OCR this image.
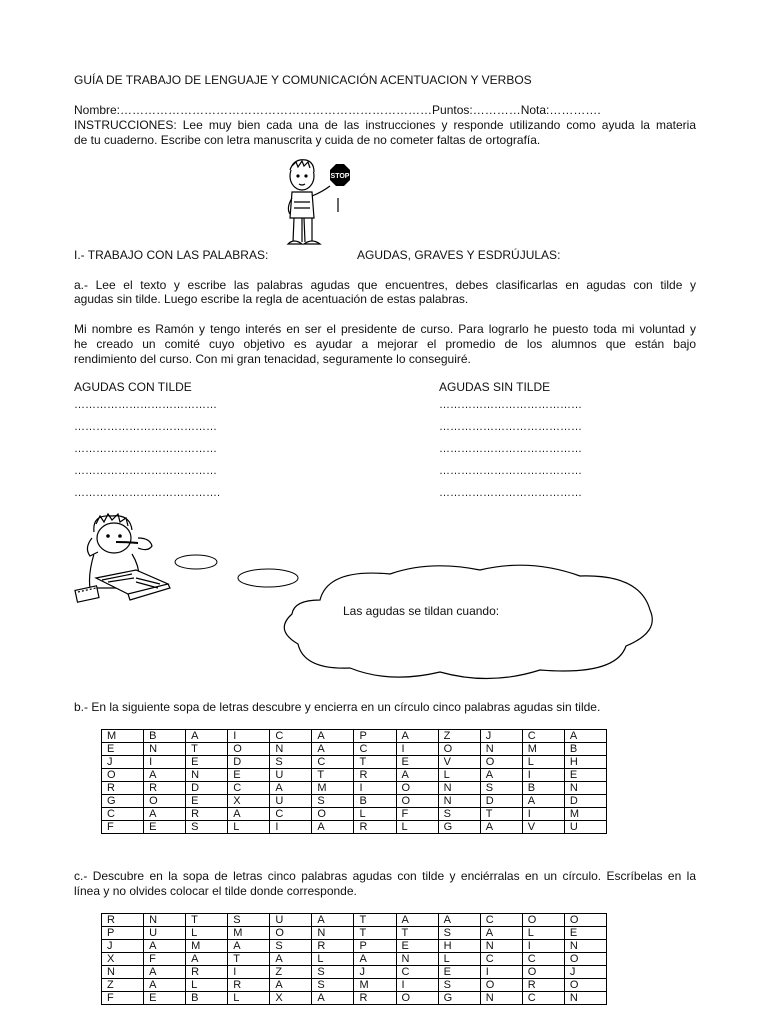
GUÍA DE TRABAJO DE LENGUAJE Y COMUNICACIÓN ACENTUACION Y VERBOS
Nombre:……………………………………………………………………Puntos:…………Nota:………….
INSTRUCCIONES: Lee muy bien cada una de las instrucciones y responde utilizando como ayuda la materia
de tu cuaderno. Escribe con letra manuscrita y cuida de no cometer faltas de ortografía.
STOP
I.- TRABAJO CON LAS PALABRAS:	AGUDAS, GRAVES Y ESDRÚJULAS:
a.- Lee el texto y escribe las palabras agudas que encuentres, debes clasificarlas en agudas con tilde y
agudas sin tilde. Luego escribe la regla de acentuación de estas palabras.
Mi nombre es Ramón y tengo interés en ser el presidente de curso. Para lograrlo he puesto toda mi voluntad y
he creado un comité cuyo objetivo es ayudar a mejorar el promedio de los alumnos que están bajo
rendimiento del curso. Con mi gran tenacidad, seguramente lo conseguiré.
AGUDAS CON TILDE	AGUDAS SIN TILDE
…………………………………
…………………………………
…………………………………
…………………………………
………………………………….
…………………………………
…………………………………
…………………………………
…………………………………
…………………………………
Las agudas se tildan cuando:
b.- En la siguiente sopa de letras descubre y encierra en un círculo cinco palabras agudas sin tilde.
M	B	A	I	C	A	P	A	Z	J	C	A
E	N	T	O	N	A	C	I	O	N	M	B
J	I	E	D	S	C	T	E	V	O	L	H
O	A	N	E	U	T	R	A	L	A	I	E
R	R	D	C	A	M	I	O	N	S	B	N
G	O	E	X	U	S	B	O	N	D	A	D
C	A	R	A	C	O	L	F	S	T	I	M
F	E	S	L	I	A	R	L	G	A	V	U
c.- Descubre en la sopa de letras cinco palabras agudas con tilde y enciérralas en un círculo. Escríbelas en la
línea y no olvides colocar el tilde donde corresponde.
R	N	T	S	U	A	T	A	A	C	O	O
P	U	L	M	O	N	T	T	S	A	L	E
J	A	M	A	S	R	P	E	H	N	I	N
X	F	A	T	A	L	A	N	L	C	C	O
N	A	R	I	Z	S	J	C	E	I	O	J
Z	A	L	R	A	S	M	I	S	O	R	O
F	E	B	L	X	A	R	O	G	N	C	N
